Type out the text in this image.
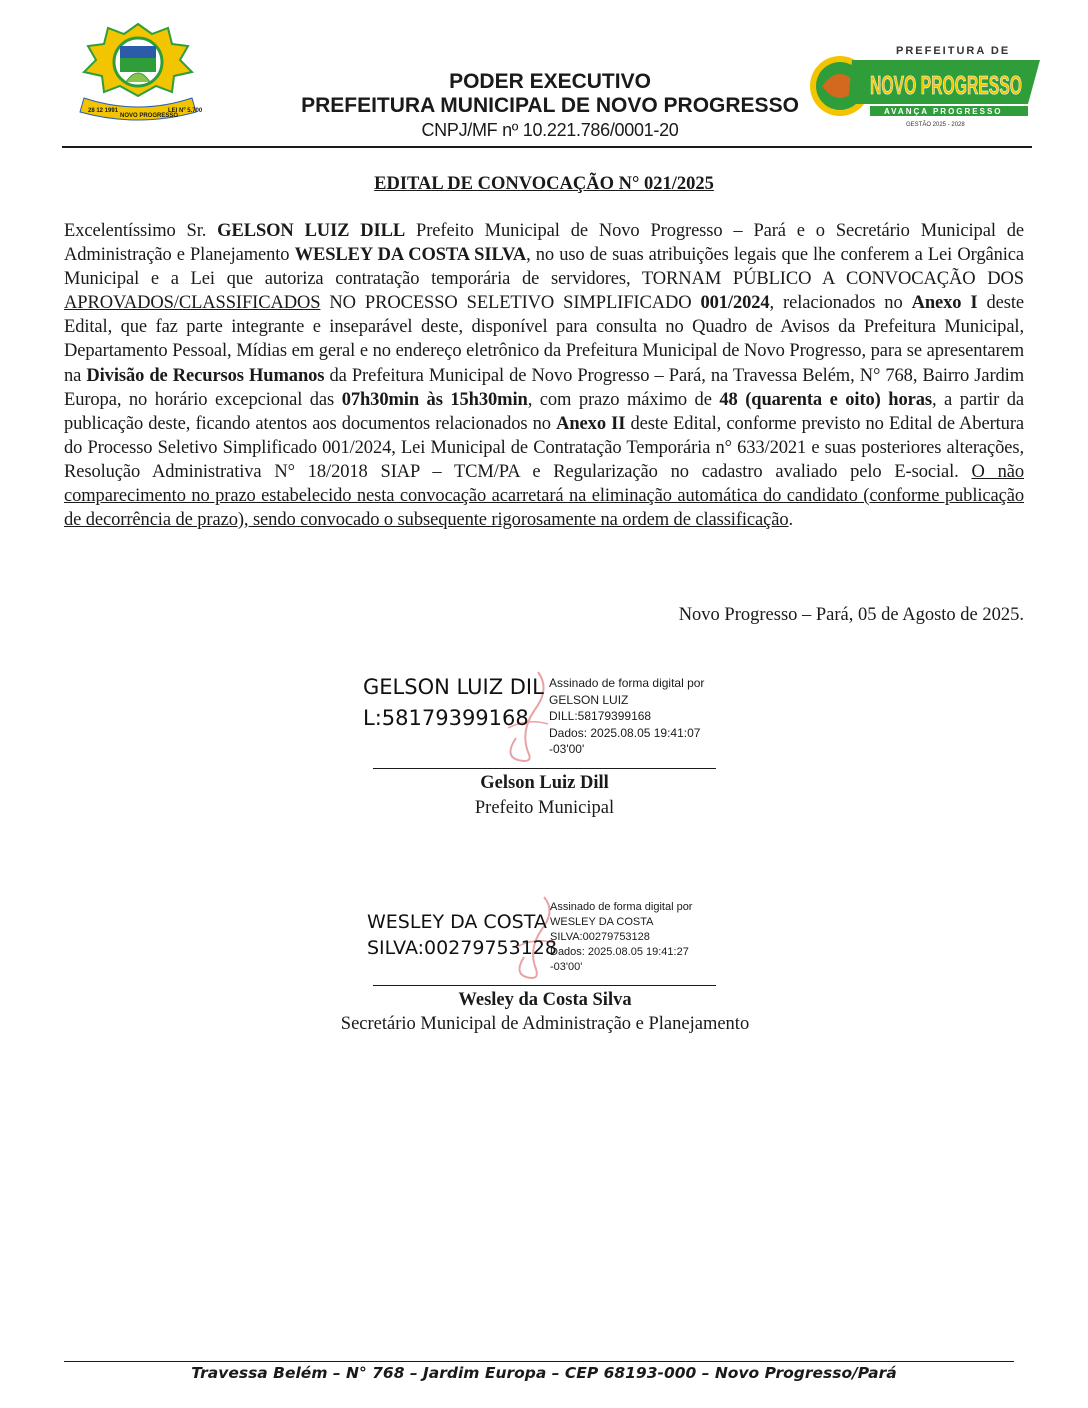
28 12 1991
NOVO PROGRESSO
LEI Nº 5.700
PODER EXECUTIVO
PREFEITURA MUNICIPAL DE NOVO PROGRESSO
CNPJ/MF nº 10.221.786/0001-20
PREFEITURA DE
NOVO PROGRESSO
AVANÇA PROGRESSO
GESTÃO 2025 - 2028
EDITAL DE CONVOCAÇÃO N° 021/2025
Excelentíssimo Sr. GELSON LUIZ DILL Prefeito Municipal de Novo Progresso – Pará e o Secretário Municipal de Administração e Planejamento WESLEY DA COSTA SILVA, no uso de suas atribuições legais que lhe conferem a Lei Orgânica Municipal e a Lei que autoriza contratação temporária de servidores, TORNAM PÚBLICO A CONVOCAÇÃO DOS APROVADOS/CLASSIFICADOS NO PROCESSO SELETIVO SIMPLIFICADO 001/2024, relacionados no Anexo I deste Edital, que faz parte integrante e inseparável deste, disponível para consulta no Quadro de Avisos da Prefeitura Municipal, Departamento Pessoal, Mídias em geral e no endereço eletrônico da Prefeitura Municipal de Novo Progresso, para se apresentarem na Divisão de Recursos Humanos da Prefeitura Municipal de Novo Progresso – Pará, na Travessa Belém, N° 768, Bairro Jardim Europa, no horário excepcional das 07h30min às 15h30min, com prazo máximo de 48 (quarenta e oito) horas, a partir da publicação deste, ficando atentos aos documentos relacionados no Anexo II deste Edital, conforme previsto no Edital de Abertura do Processo Seletivo Simplificado 001/2024, Lei Municipal de Contratação Temporária n° 633/2021 e suas posteriores alterações, Resolução Administrativa N° 18/2018 SIAP – TCM/PA e Regularização no cadastro avaliado pelo E-social. O não comparecimento no prazo estabelecido nesta convocação acarretará na eliminação automática do candidato (conforme publicação de decorrência de prazo), sendo convocado o subsequente rigorosamente na ordem de classificação.
Novo Progresso – Pará, 05 de Agosto de 2025.
GELSON LUIZ DILL:58179399168
Assinado de forma digital por
GELSON LUIZ
DILL:58179399168
Dados: 2025.08.05 19:41:07
-03'00'
Gelson Luiz Dill
Prefeito Municipal
WESLEY DA COSTA
SILVA:00279753128
Assinado de forma digital por
WESLEY DA COSTA
SILVA:00279753128
Dados: 2025.08.05 19:41:27
-03'00'
Wesley da Costa Silva
Secretário Municipal de Administração e Planejamento
Travessa Belém – N° 768 – Jardim Europa – CEP 68193-000 – Novo Progresso/Pará
